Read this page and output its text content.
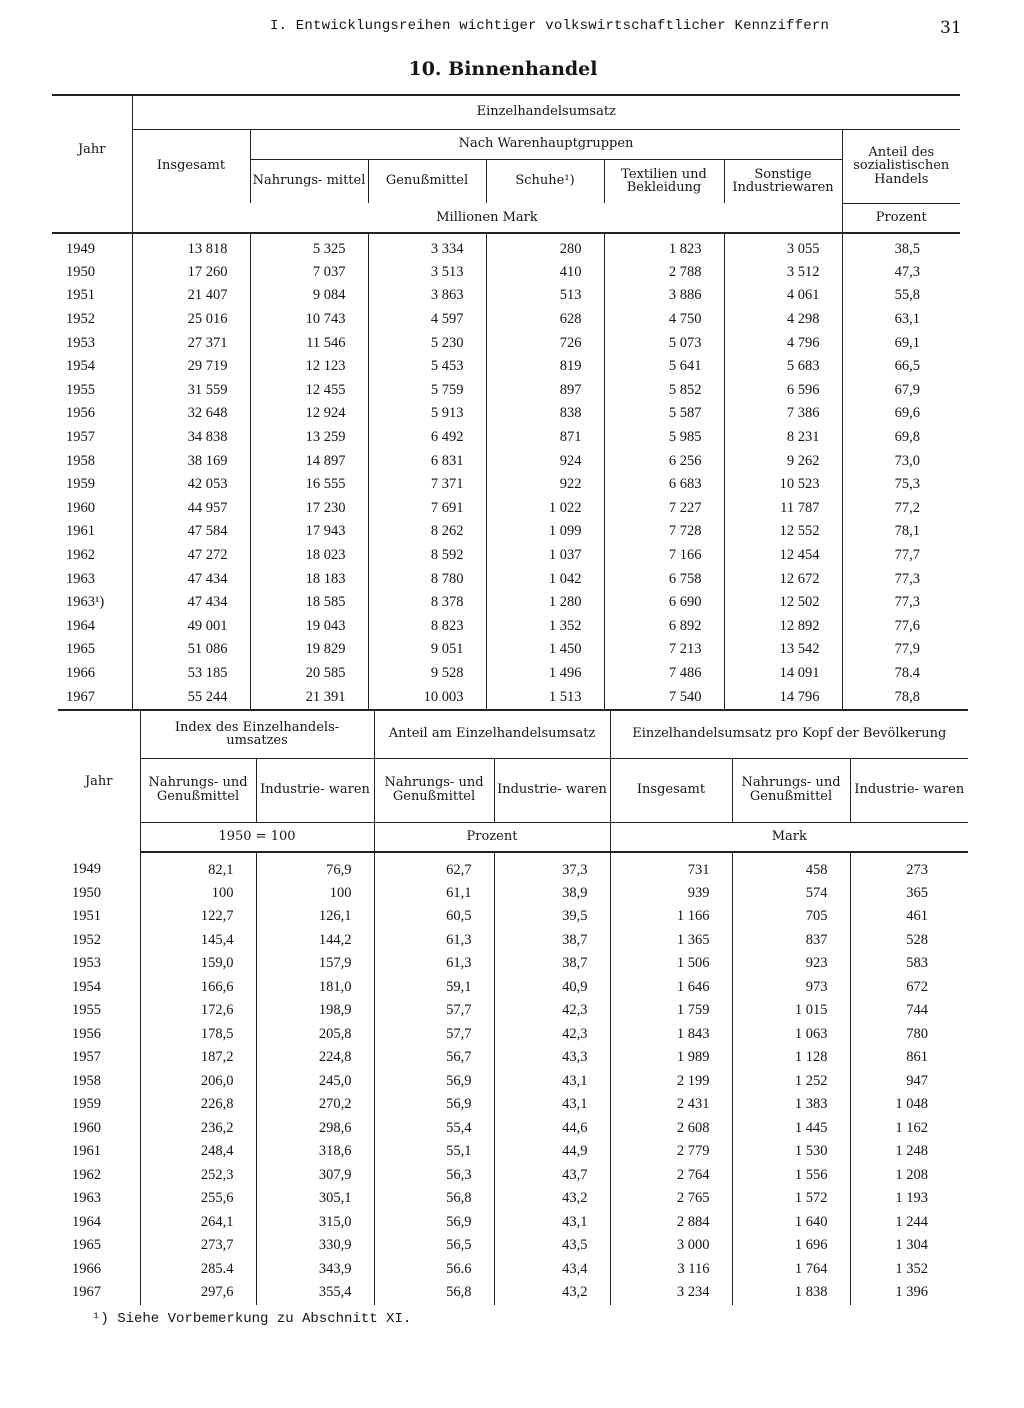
I. Entwicklungsreihen wichtiger volkswirtschaftlicher Kennziffern	31
10. Binnenhandel
Jahr	Einzelhandelsumsatz						
	Insgesamt	Nach Warenhauptgruppen					Anteil des sozialistischen Handels
		Nahrungs- mittel	Genußmittel	Schuhe¹)	Textilien und Bekleidung	Sonstige Industriewaren	
	Millionen Mark						Prozent
1949	13 818	5 325	3 334	280	1 823	3 055	38,5
1950	17 260	7 037	3 513	410	2 788	3 512	47,3
1951	21 407	9 084	3 863	513	3 886	4 061	55,8
1952	25 016	10 743	4 597	628	4 750	4 298	63,1
1953	27 371	11 546	5 230	726	5 073	4 796	69,1
1954	29 719	12 123	5 453	819	5 641	5 683	66,5
1955	31 559	12 455	5 759	897	5 852	6 596	67,9
1956	32 648	12 924	5 913	838	5 587	7 386	69,6
1957	34 838	13 259	6 492	871	5 985	8 231	69,8
1958	38 169	14 897	6 831	924	6 256	9 262	73,0
1959	42 053	16 555	7 371	922	6 683	10 523	75,3
1960	44 957	17 230	7 691	1 022	7 227	11 787	77,2
1961	47 584	17 943	8 262	1 099	7 728	12 552	78,1
1962	47 272	18 023	8 592	1 037	7 166	12 454	77,7
1963	47 434	18 183	8 780	1 042	6 758	12 672	77,3
1963¹)	47 434	18 585	8 378	1 280	6 690	12 502	77,3
1964	49 001	19 043	8 823	1 352	6 892	12 892	77,6
1965	51 086	19 829	9 051	1 450	7 213	13 542	77,9
1966	53 185	20 585	9 528	1 496	7 486	14 091	78.4
1967	55 244	21 391	10 003	1 513	7 540	14 796	78,8
Jahr	Index des Einzelhandels- umsatzes		Anteil am Einzelhandelsumsatz		Einzelhandelsumsatz pro Kopf der Bevölkerung		
	Nahrungs- und Genußmittel	Industrie- waren	Nahrungs- und Genußmittel	Industrie- waren	Insgesamt	Nahrungs- und Genußmittel	Industrie- waren
	1950 = 100		Prozent		Mark		
1949	82,1	76,9	62,7	37,3	731	458	273
1950	100	100	61,1	38,9	939	574	365
1951	122,7	126,1	60,5	39,5	1 166	705	461
1952	145,4	144,2	61,3	38,7	1 365	837	528
1953	159,0	157,9	61,3	38,7	1 506	923	583
1954	166,6	181,0	59,1	40,9	1 646	973	672
1955	172,6	198,9	57,7	42,3	1 759	1 015	744
1956	178,5	205,8	57,7	42,3	1 843	1 063	780
1957	187,2	224,8	56,7	43,3	1 989	1 128	861
1958	206,0	245,0	56,9	43,1	2 199	1 252	947
1959	226,8	270,2	56,9	43,1	2 431	1 383	1 048
1960	236,2	298,6	55,4	44,6	2 608	1 445	1 162
1961	248,4	318,6	55,1	44,9	2 779	1 530	1 248
1962	252,3	307,9	56,3	43,7	2 764	1 556	1 208
1963	255,6	305,1	56,8	43,2	2 765	1 572	1 193
1964	264,1	315,0	56,9	43,1	2 884	1 640	1 244
1965	273,7	330,9	56,5	43,5	3 000	1 696	1 304
1966	285.4	343,9	56.6	43,4	3 116	1 764	1 352
1967	297,6	355,4	56,8	43,2	3 234	1 838	1 396
¹) Siehe Vorbemerkung zu Abschnitt XI.
